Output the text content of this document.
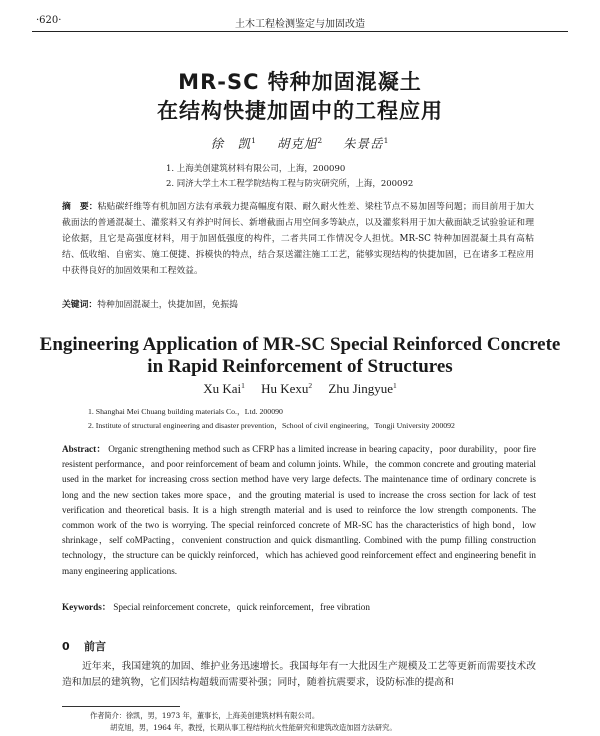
·620·	土木工程检测鉴定与加固改造
MR-SC 特种加固混凝土
在结构快捷加固中的工程应用
徐　凯$^1$ 胡克旭$^2$ 朱景岳$^1$
1. 上海美创建筑材料有限公司，上海，200090
2. 同济大学土木工程学院结构工程与防灾研究所，上海，200092
摘　要：粘贴碳纤维等有机加固方法有承载力提高幅度有限、耐久耐火性差、梁柱节点不易加固等问题；而目前用于加大截面法的普通混凝土、灌浆料又有养护时间长、新增截面占用空间多等缺点，以及灌浆料用于加大截面缺乏试验验证和理论依据，且它是高强度材料，用于加固低强度的构件，二者共同工作情况令人担忧。MR-SC 特种加固混凝土具有高粘结、低收缩、自密实、施工便捷、拆模快的特点，结合泵送灌注施工工艺，能够实现结构的快捷加固，已在诸多工程应用中获得良好的加固效果和工程效益。
关键词：特种加固混凝土，快捷加固，免振捣
Engineering Application of MR-SC Special Reinforced Concrete
in Rapid Reinforcement of Structures
Xu Kai$^1$ Hu Kexu$^2$ Zhu Jingyue$^1$
1. Shanghai Mei Chuang building materials Co.，Ltd. 200090
2. Institute of structural engineering and disaster prevention，School of civil engineering，Tongji University 200092
Abstract： Organic strengthening method such as CFRP has a limited increase in bearing capacity，poor durability，poor fire resistent performance，and poor reinforcement of beam and column joints. While，the common concrete and grouting material used in the market for increasing cross section method have very large defects. The maintenance time of ordinary concrete is long and the new section takes more space，and the grouting material is used to increase the cross section for lack of test verification and theoretical basis. It is a high strength material and is used to reinforce the low strength components. The common work of the two is worrying. The special reinforced concrete of MR-SC has the characteristics of high bond，low shrinkage，self coMPacting，convenient construction and quick dismantling. Combined with the pump filling construction technology，the structure can be quickly reinforced，which has achieved good reinforcement effect and engineering benefit in many engineering applications.
Keywords： Special reinforcement concrete，quick reinforcement，free vibration
0 前言
近年来，我国建筑的加固、维护业务迅速增长。我国每年有一大批因生产规模及工艺等更新而需要技术改造和加层的建筑物，它们因结构超载而需要补强；同时，随着抗震要求，设防标准的提高和
作者简介：徐凯，男，1973 年，董事长，上海美创建筑材料有限公司。
胡克旭，男，1964 年，教授，长期从事工程结构抗火性能研究和建筑改造加固方法研究。
